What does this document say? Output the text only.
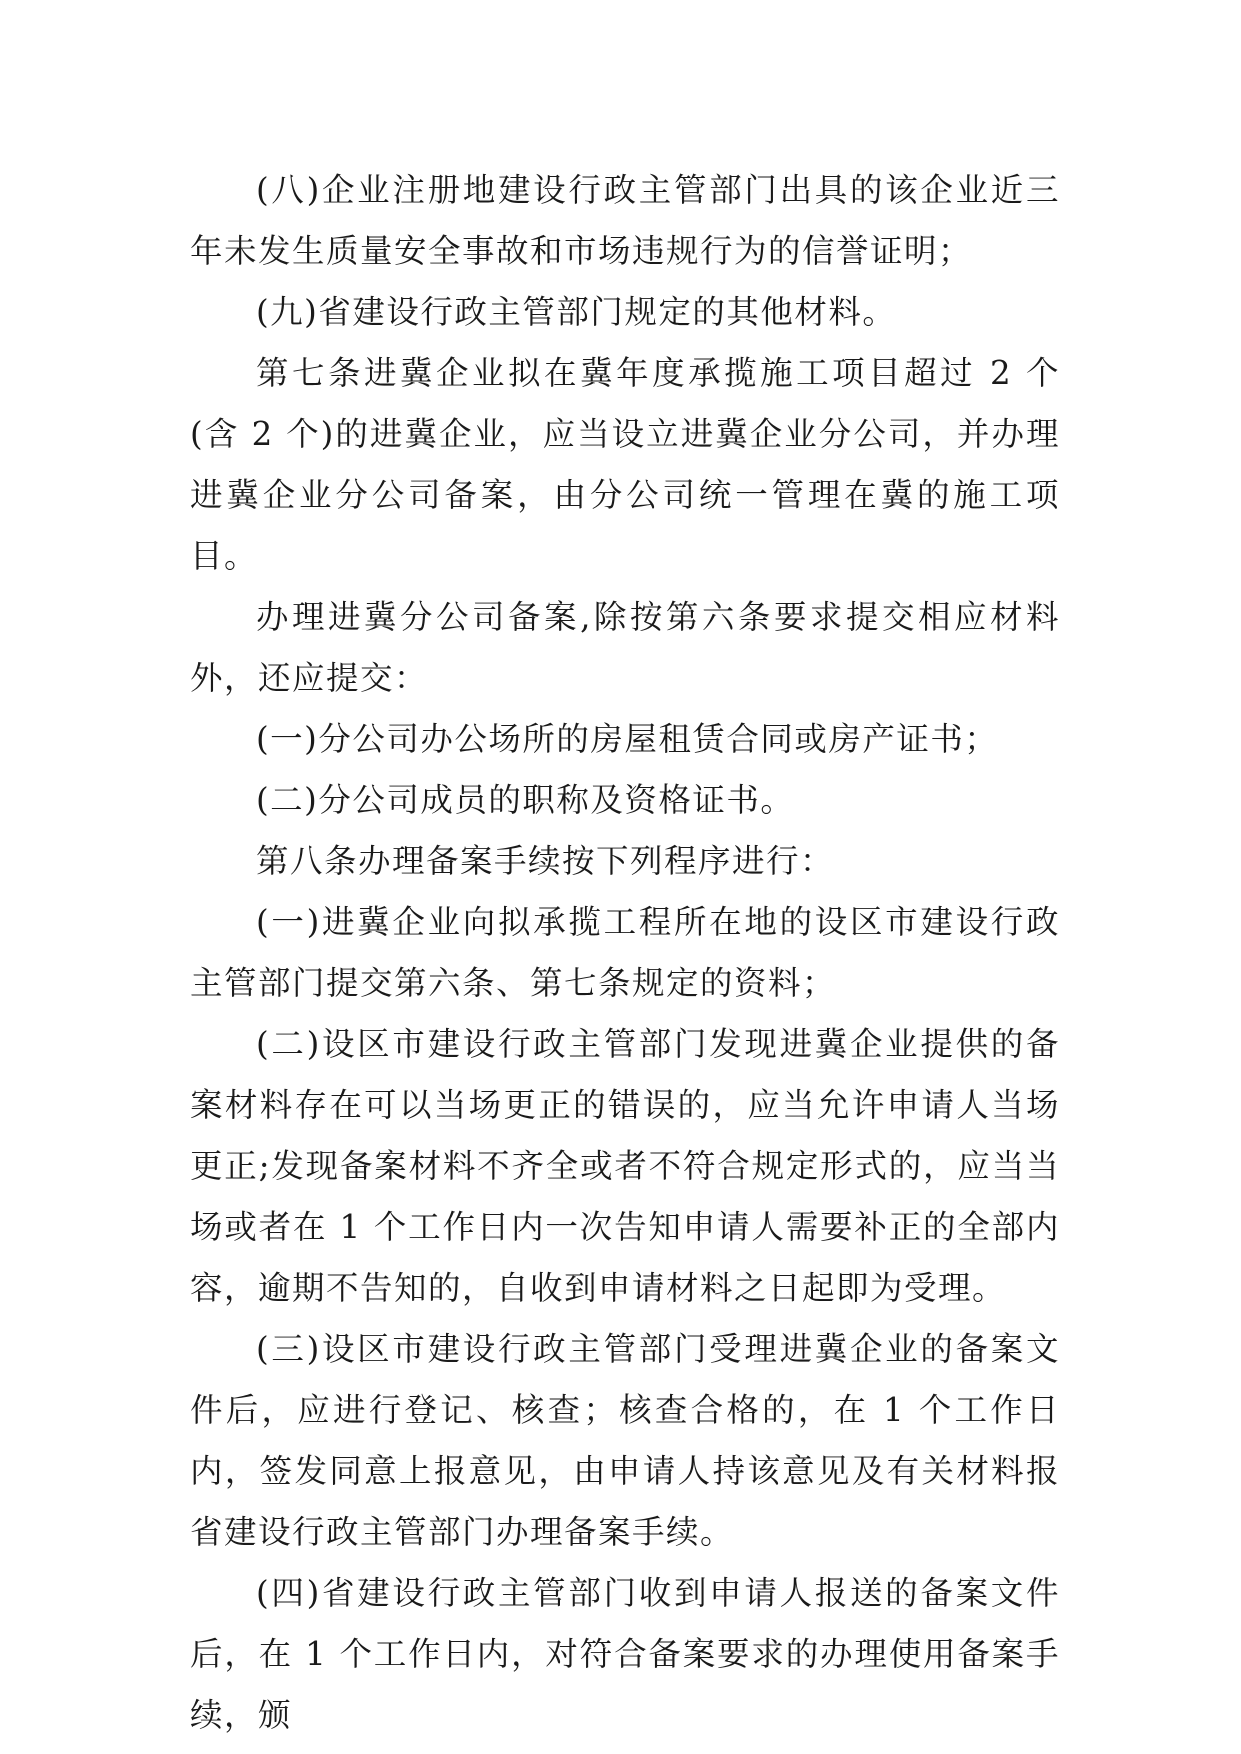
(八)企业注册地建设行政主管部门出具的该企业近三年未发生质量安全事故和市场违规行为的信誉证明；

(九)省建设行政主管部门规定的其他材料。

第七条进冀企业拟在冀年度承揽施工项目超过 2 个(含 2 个)的进冀企业，应当设立进冀企业分公司，并办理进冀企业分公司备案，由分公司统一管理在冀的施工项目。

办理进冀分公司备案,除按第六条要求提交相应材料外，还应提交：

(一)分公司办公场所的房屋租赁合同或房产证书；

(二)分公司成员的职称及资格证书。

第八条办理备案手续按下列程序进行：

(一)进冀企业向拟承揽工程所在地的设区市建设行政主管部门提交第六条、第七条规定的资料；

(二)设区市建设行政主管部门发现进冀企业提供的备案材料存在可以当场更正的错误的，应当允许申请人当场更正;发现备案材料不齐全或者不符合规定形式的，应当当场或者在 1 个工作日内一次告知申请人需要补正的全部内容，逾期不告知的，自收到申请材料之日起即为受理。

(三)设区市建设行政主管部门受理进冀企业的备案文件后，应进行登记、核查；核查合格的，在 1 个工作日内，签发同意上报意见，由申请人持该意见及有关材料报省建设行政主管部门办理备案手续。

(四)省建设行政主管部门收到申请人报送的备案文件后，在 1 个工作日内，对符合备案要求的办理使用备案手续，颁
